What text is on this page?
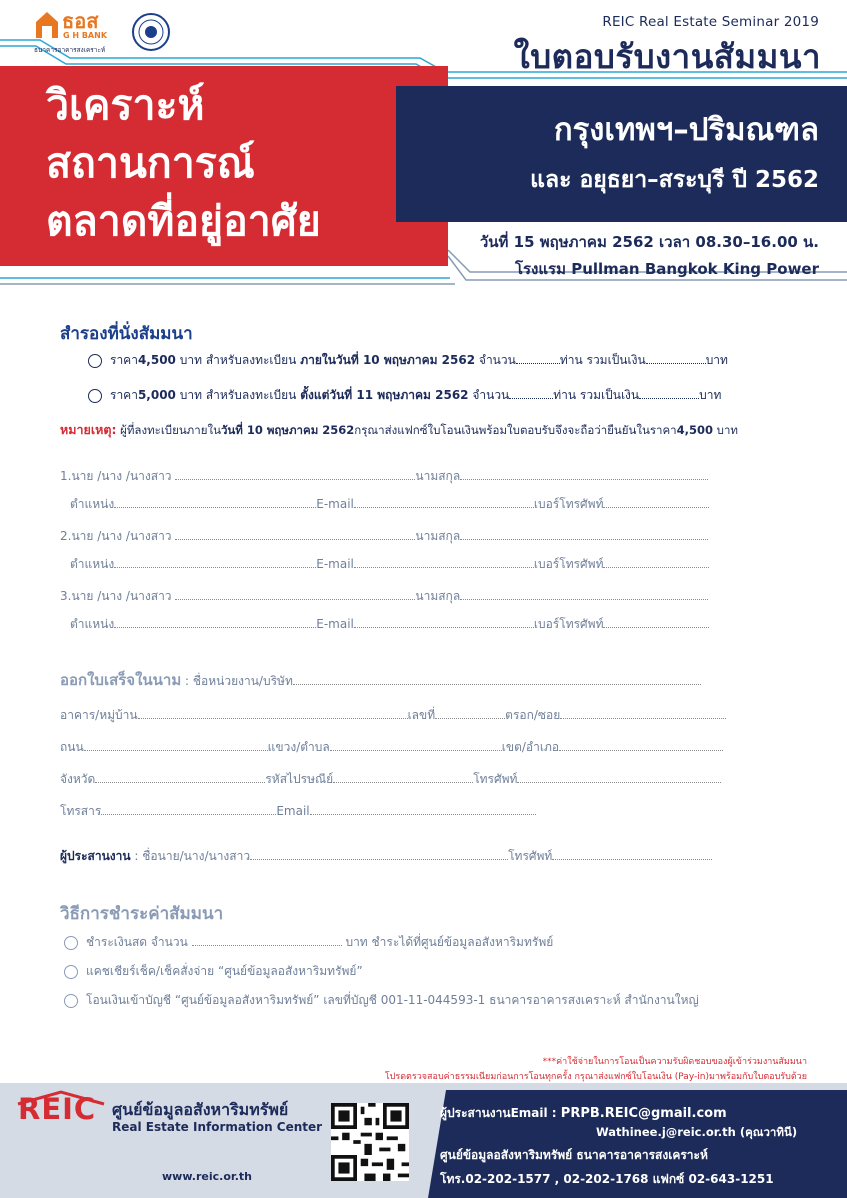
ธอส
G H BANK
ธนาคารอาคารสงเคราะห์
REIC Real Estate Seminar 2019
ใบตอบรับงานสัมมนา
วิเคราะห์
สถานการณ์
ตลาดที่อยู่อาศัย
กรุงเทพฯ–ปริมณฑล
และ อยุธยา–สระบุรี ปี 2562
วันที่ 15 พฤษภาคม 2562 เวลา 08.30–16.00 น.
โรงแรม Pullman Bangkok King Power
สำรองที่นั่งสัมมนา
ราคา4,500 บาท สำหรับลงทะเบียน ภายในวันที่ 10 พฤษภาคม 2562 จำนวน	ท่าน รวมเป็นเงิน	บาท
ราคา5,000 บาท สำหรับลงทะเบียน ตั้งแต่วันที่ 11 พฤษภาคม 2562 จำนวน	ท่าน รวมเป็นเงิน	บาท
หมายเหตุ: ผู้ที่ลงทะเบียนภายในวันที่ 10 พฤษภาคม 2562กรุณาส่งแฟกซ์ใบโอนเงินพร้อมใบตอบรับจึงจะถือว่ายืนยันในราคา4,500 บาท
1.นาย /นาง /นางสาว	นามสกุล
ตำแหน่ง	E-mail	เบอร์โทรศัพท์
2.นาย /นาง /นางสาว	นามสกุล
ตำแหน่ง	E-mail	เบอร์โทรศัพท์
3.นาย /นาง /นางสาว	นามสกุล
ตำแหน่ง	E-mail	เบอร์โทรศัพท์
ออกใบเสร็จในนาม : ชื่อหน่วยงาน/บริษัท
อาคาร/หมู่บ้าน	เลขที่	ตรอก/ซอย
ถนน	แขวง/ตำบล	เขต/อำเภอ
จังหวัด	รหัสไปรษณีย์	โทรศัพท์
โทรสาร	Email
ผู้ประสานงาน : ชื่อนาย/นาง/นางสาว	โทรศัพท์
วิธีการชำระค่าสัมมนา
ชำระเงินสด จำนวน	บาท ชำระได้ที่ศูนย์ข้อมูลอสังหาริมทรัพย์
แคชเชียร์เช็ค/เช็คสั่งจ่าย “ศูนย์ข้อมูลอสังหาริมทรัพย์”
โอนเงินเข้าบัญชี “ศูนย์ข้อมูลอสังหาริมทรัพย์” เลขที่บัญชี 001-11-044593-1 ธนาคารอาคารสงเคราะห์ สำนักงานใหญ่
***ค่าใช้จ่ายในการโอนเป็นความรับผิดชอบของผู้เข้าร่วมงานสัมมนา
โปรดตรวจสอบค่าธรรมเนียมก่อนการโอนทุกครั้ง กรุณาส่งแฟกซ์ใบโอนเงิน (Pay-in)มาพร้อมกับใบตอบรับด้วย
REIC ศูนย์ข้อมูลอสังหาริมทรัพย์
Real Estate Information Center
www.reic.or.th
ผู้ประสานงานEmail : PRPB.REIC@gmail.com
Wathinee.j@reic.or.th (คุณวาทินี)
ศูนย์ข้อมูลอสังหาริมทรัพย์ ธนาคารอาคารสงเคราะห์
โทร.02-202-1577 , 02-202-1768 แฟกซ์ 02-643-1251
